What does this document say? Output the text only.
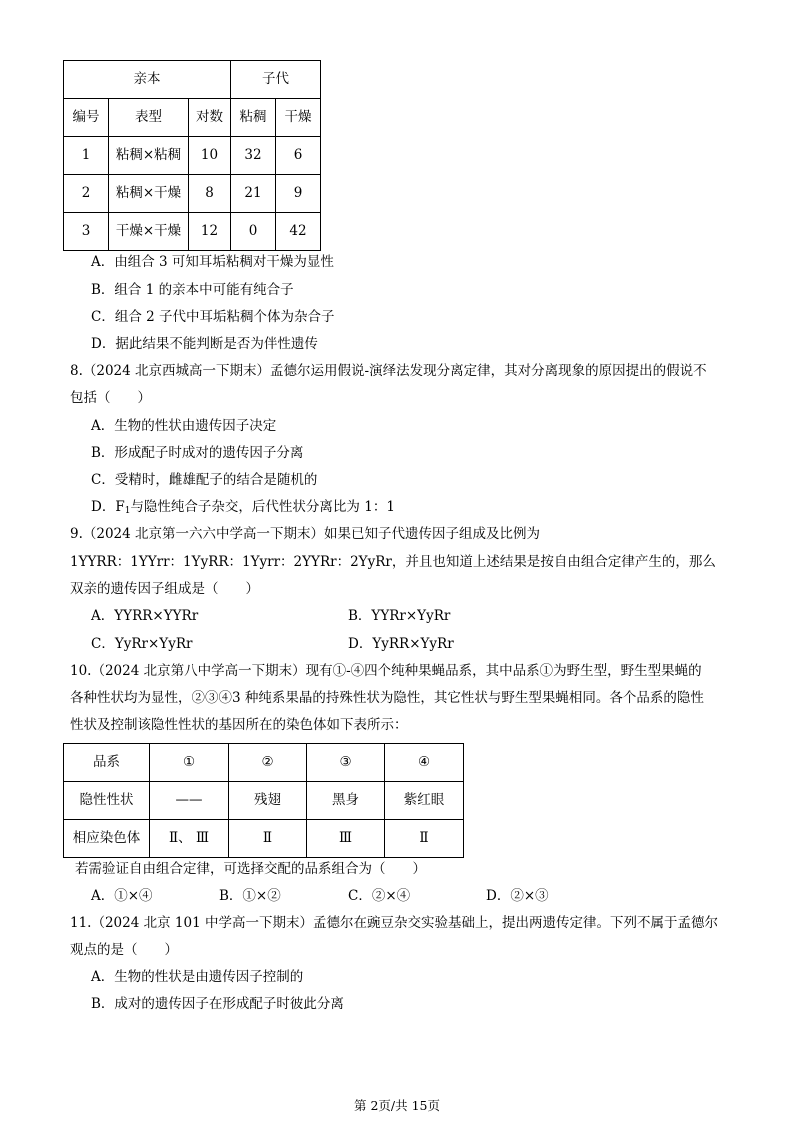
亲本			子代	
编号	表型	对数	粘稠	干燥
1	粘稠×粘稠	10	32	6
2	粘稠×干燥	8	21	9
3	干燥×干燥	12	0	42
A．由组合 3 可知耳垢粘稠对干燥为显性
B．组合 1 的亲本中可能有纯合子
C．组合 2 子代中耳垢粘稠个体为杂合子
D．据此结果不能判断是否为伴性遗传
8.（2024 北京西城高一下期末）孟德尔运用假说-演绎法发现分离定律，其对分离现象的原因提出的假说不
包括（　　）
A．生物的性状由遗传因子决定
B．形成配子时成对的遗传因子分离
C．受精时，雌雄配子的结合是随机的
D．$F_1$与隐性纯合子杂交，后代性状分离比为 1：1
9.（2024 北京第一六六中学高一下期末）如果已知子代遗传因子组成及比例为
1YYRR：1YYrr：1YyRR：1Yyrr：2YYRr：2YyRr，并且也知道上述结果是按自由组合定律产生的，那么
双亲的遗传因子组成是（　　）
A．YYRR×YYRr	B．YYRr×YyRr
C．YyRr×YyRr	D．YyRR×YyRr
10.（2024 北京第八中学高一下期末）现有①-④四个纯种果蝇品系，其中品系①为野生型，野生型果蝇的
各种性状均为显性，②③④3 种纯系果晶的持殊性状为隐性，其它性状与野生型果蝇相同。各个品系的隐性
性状及控制该隐性性状的基因所在的染色体如下表所示：
品系	①	②	③	④
隐性性状	——	残翅	黑身	紫红眼
相应染色体	Ⅱ、 Ⅲ	Ⅱ	Ⅲ	Ⅱ
若需验证自由组合定律，可选择交配的品系组合为（　　）
A．①×④	B．①×②	C．②×④	D．②×③
11.（2024 北京 101 中学高一下期末）孟德尔在豌豆杂交实验基础上，提出两遗传定律。下列不属于孟德尔
观点的是（　　）
A．生物的性状是由遗传因子控制的
B．成对的遗传因子在形成配子时彼此分离
第 2页/共 15页
